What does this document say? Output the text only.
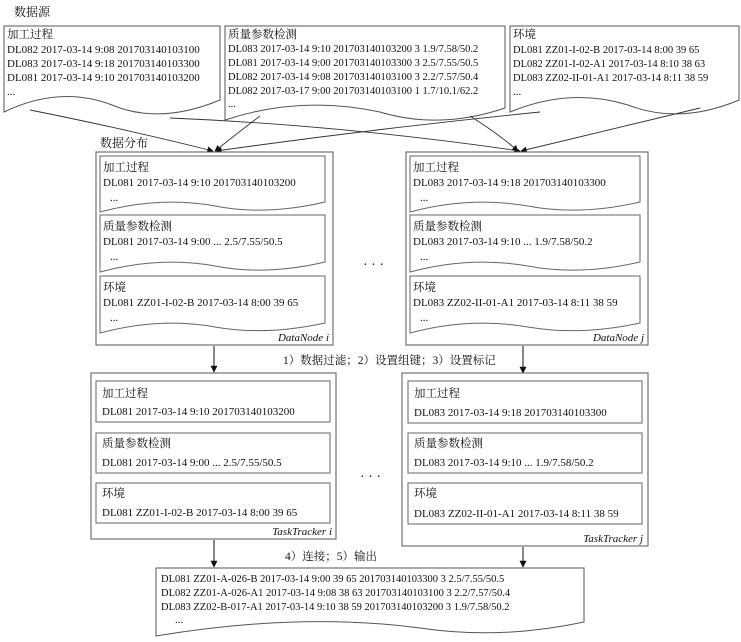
数据源
加工过程
DL082 2017-03-14 9:08 201703140103100
DL083 2017-03-14 9:18 201703140103300
DL081 2017-03-14 9:10 201703140103200
...
质量参数检测
DL083 2017-03-14 9:10 201703140103200 3 1.9/7.58/50.2
DL081 2017-03-14 9:00 201703140103300 3 2.5/7.55/50.5
DL082 2017-03-14 9:08 201703140103100 3 2.2/7.57/50.4
DL082 2017-03-17 9:00 201703140103100 1 1.7/10.1/62.2
...
环境
DL081 ZZ01-I-02-B 2017-03-14 8:00 39 65
DL082 ZZ01-I-02-A1 2017-03-14 8:10 38 63
DL083 ZZ02-II-01-A1 2017-03-14 8:11 38 59
...
数据分布
加工过程
DL081 2017-03-14 9:10 201703140103200
...
质量参数检测
DL081 2017-03-14 9:00 ... 2.5/7.55/50.5
...
环境
DL081 ZZ01-I-02-B 2017-03-14 8:00 39 65
...
DataNode i
· · ·
加工过程
DL083 2017-03-14 9:18 201703140103300
...
质量参数检测
DL083 2017-03-14 9:10 ... 1.9/7.58/50.2
...
环境
DL083 ZZ02-II-01-A1 2017-03-14 8:11 38 59
...
DataNode j
1）数据过滤；2）设置组键；3）设置标记
加工过程
DL081 2017-03-14 9:10 201703140103200
质量参数检测
DL081 2017-03-14 9:00 ... 2.5/7.55/50.5
环境
DL081 ZZ01-I-02-B 2017-03-14 8:00 39 65
TaskTracker i
· · ·
加工过程
DL083 2017-03-14 9:18 201703140103300
质量参数检测
DL083 2017-03-14 9:10 ... 1.9/7.58/50.2
环境
DL083 ZZ02-II-01-A1 2017-03-14 8:11 38 59
TaskTracker j
4）连接；5）输出
DL081 ZZ01-A-026-B 2017-03-14 9:00 39 65 201703140103300 3 2.5/7.55/50.5
DL082 ZZ01-A-026-A1 2017-03-14 9:08 38 63 201703140103100 3 2.2/7.57/50.4
DL083 ZZ02-B-017-A1 2017-03-14 9:10 38 59 201703140103200 3 1.9/7.58/50.2
...
